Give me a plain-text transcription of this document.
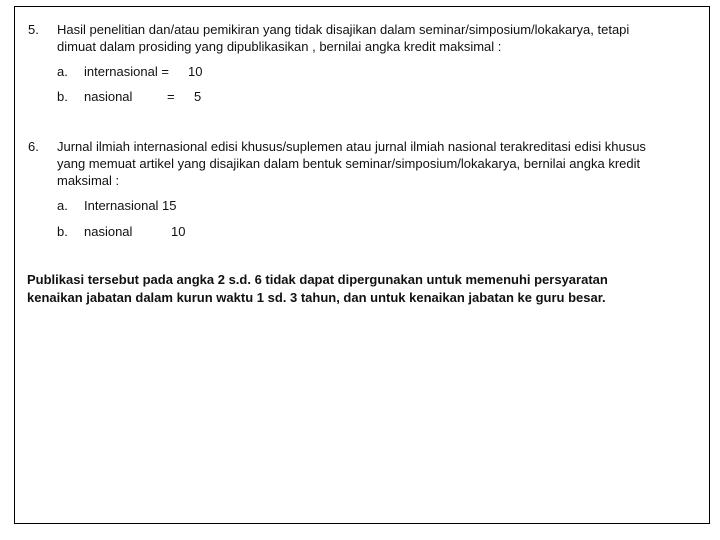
5. Hasil penelitian dan/atau pemikiran yang tidak disajikan dalam seminar/simposium/lokakarya, tetapi
dimuat dalam prosiding yang dipublikasikan , bernilai angka kredit maksimal :
a. internasional = 10
b. nasional	= 5
6. Jurnal ilmiah internasional edisi khusus/suplemen atau jurnal ilmiah nasional terakreditasi edisi khusus
yang memuat artikel yang disajikan dalam bentuk seminar/simposium/lokakarya, bernilai angka kredit
maksimal :
a. Internasional 15
b. nasional	10
Publikasi tersebut pada angka 2 s.d. 6 tidak dapat dipergunakan untuk memenuhi persyaratan
kenaikan jabatan dalam kurun waktu 1 sd. 3 tahun, dan untuk kenaikan jabatan ke guru besar.
